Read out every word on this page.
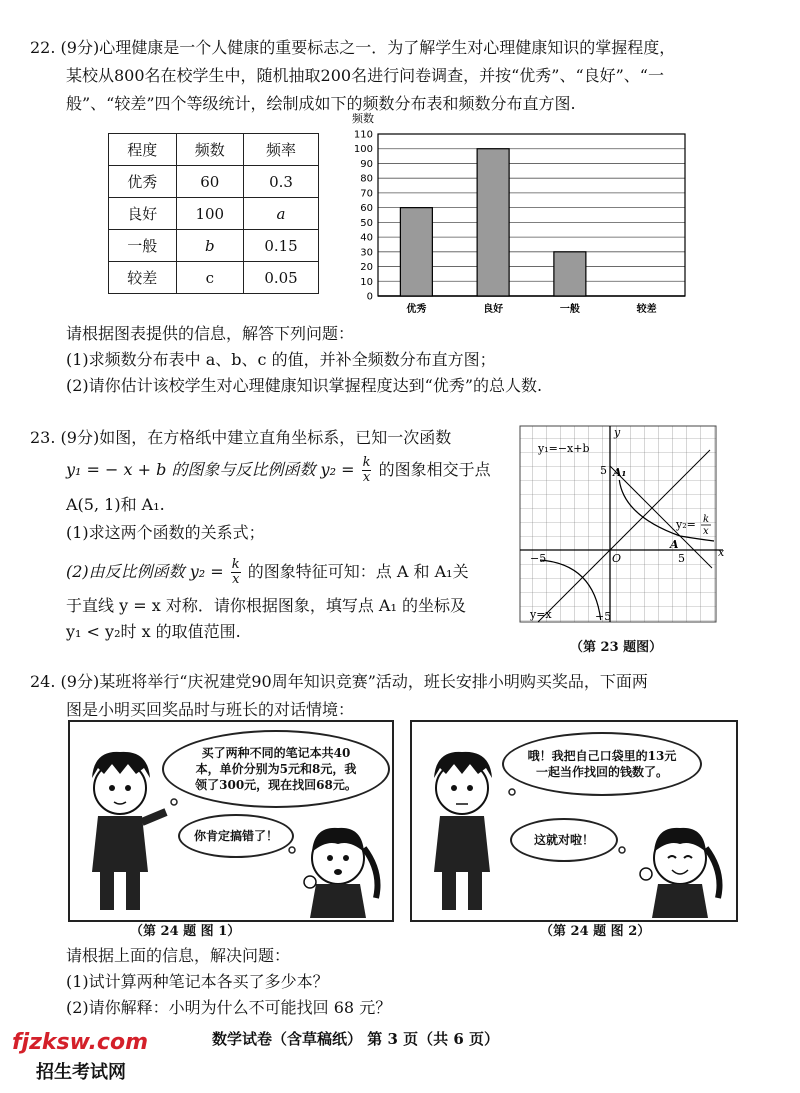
22. (9分)心理健康是一个人健康的重要标志之一．为了解学生对心理健康知识的掌握程度，
某校从800名在校学生中，随机抽取200名进行问卷调查，并按“优秀”、“良好”、“一
般”、“较差”四个等级统计，绘制成如下的频数分布表和频数分布直方图.
程度	频数	频率
优秀	60	0.3
良好	100	a
一般	b	0.15
较差	c	0.05
频数
0
10
20
30
40
50
60
70
80
90
100
110
优秀	良好	一般	较差
请根据图表提供的信息，解答下列问题：
(1)求频数分布表中 a、b、c 的值，并补全频数分布直方图；
(2)请你估计该校学生对心理健康知识掌握程度达到“优秀”的总人数.
23. (9分)如图，在方格纸中建立直角坐标系，已知一次函数
y₁ = − x + b 的图象与反比例函数 $y_2 = \frac{k}{x}$ 的图象相交于点
A(5, 1)和 A₁.
(1)求这两个函数的关系式；
(2)由反比例函数 $y_2 = \frac{k}{x}$ 的图象特征可知：点 A 和 A₁关
于直线 y = x 对称．请你根据图象，填写点 A₁ 的坐标及
y₁ < y₂时 x 的取值范围.
y₁=−x+b
y₂= k
x
y=x
x
y
O	5
−5
5
−5
A
A₁
（第 23 题图）
24. (9分)某班将举行“庆祝建党90周年知识竞赛”活动，班长安排小明购买奖品，下面两
图是小明买回奖品时与班长的对话情境：
买了两种不同的笔记本共40本，单价分别为5元和8元，我领了300元，现在找回68元。
你肯定搞错了！
（第 24 题 图 1）
哦！我把自己口袋里的13元一起当作找回的钱数了。
这就对啦！
（第 24 题 图 2）
请根据上面的信息，解决问题：
(1)试计算两种笔记本各买了多少本？
(2)请你解释：小明为什么不可能找回 68 元？
数学试卷（含草稿纸） 第 3 页（共 6 页）
fjzksw.com
招生考试网
